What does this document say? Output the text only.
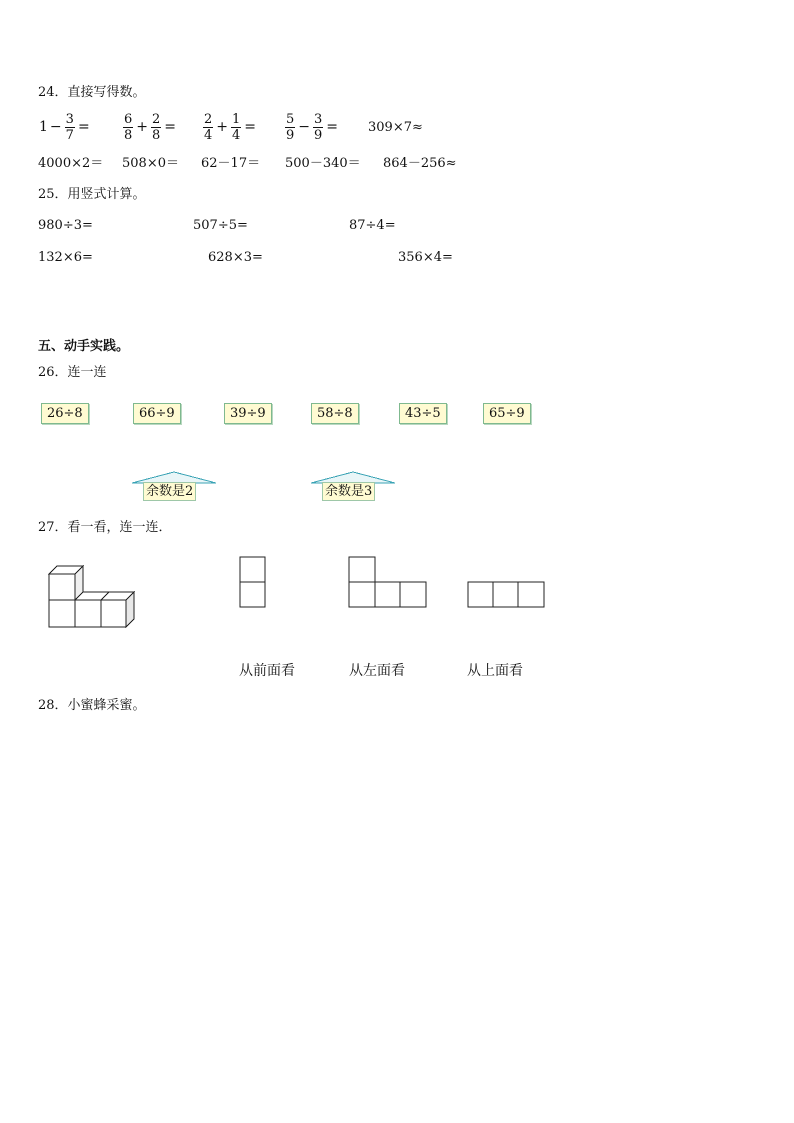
24．直接写得数。
$1 - \frac{3}{7}$ =	$\frac{6}{8} + \frac{2}{8} = \frac{2}{4} + \frac{1}{4} = \frac{5}{9} - \frac{3}{9} = 309\times 7\approx$
4000×2＝ 508×0＝ 62－17＝ 500－340＝ 864－256≈
25．用竖式计算。
980÷3=	507÷5=	87÷4=
132×6=	628×3=	356×4=
五、动手实践。
26．连一连
26÷8	66÷9	39÷9	58÷8	43÷5	65÷9
余数是2	余数是3
27．看一看，连一连．
从前面看	从左面看	从上面看
28．小蜜蜂采蜜。
